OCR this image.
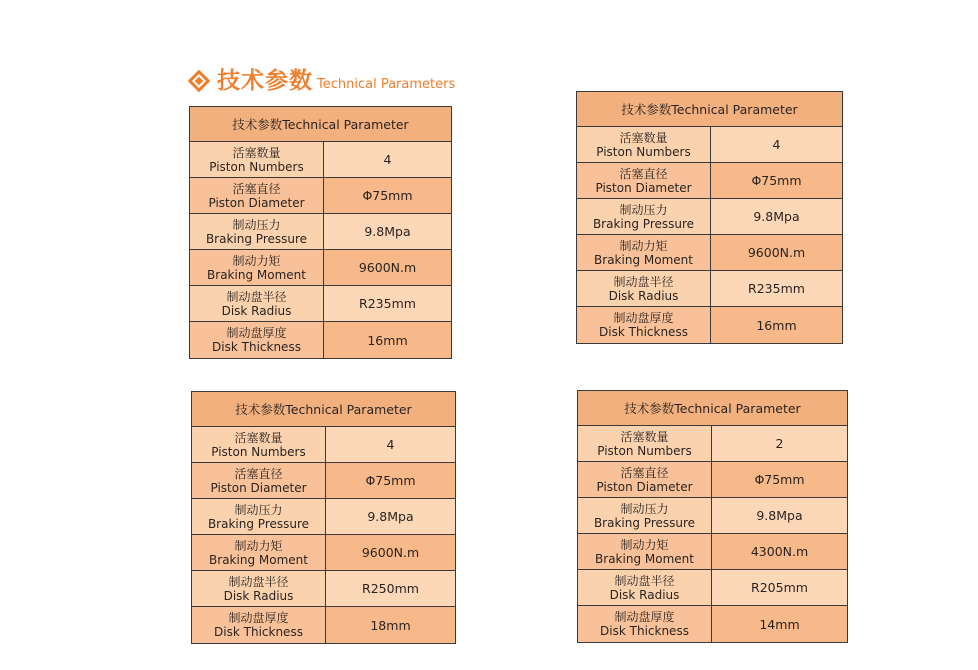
技术参数 Technical Parameters
技术参数Technical Parameter
活塞数量
Piston Numbers	4
活塞直径
Piston Diameter	Φ75mm
制动压力
Braking Pressure	9.8Mpa
制动力矩
Braking Moment	9600N.m
制动盘半径
Disk Radius	R235mm
制动盘厚度
Disk Thickness	16mm
技术参数Technical Parameter
活塞数量
Piston Numbers	4
活塞直径
Piston Diameter	Φ75mm
制动压力
Braking Pressure	9.8Mpa
制动力矩
Braking Moment	9600N.m
制动盘半径
Disk Radius	R235mm
制动盘厚度
Disk Thickness	16mm
技术参数Technical Parameter
活塞数量
Piston Numbers	4
活塞直径
Piston Diameter	Φ75mm
制动压力
Braking Pressure	9.8Mpa
制动力矩
Braking Moment	9600N.m
制动盘半径
Disk Radius	R250mm
制动盘厚度
Disk Thickness	18mm
技术参数Technical Parameter
活塞数量
Piston Numbers	2
活塞直径
Piston Diameter	Φ75mm
制动压力
Braking Pressure	9.8Mpa
制动力矩
Braking Moment	4300N.m
制动盘半径
Disk Radius	R205mm
制动盘厚度
Disk Thickness	14mm
